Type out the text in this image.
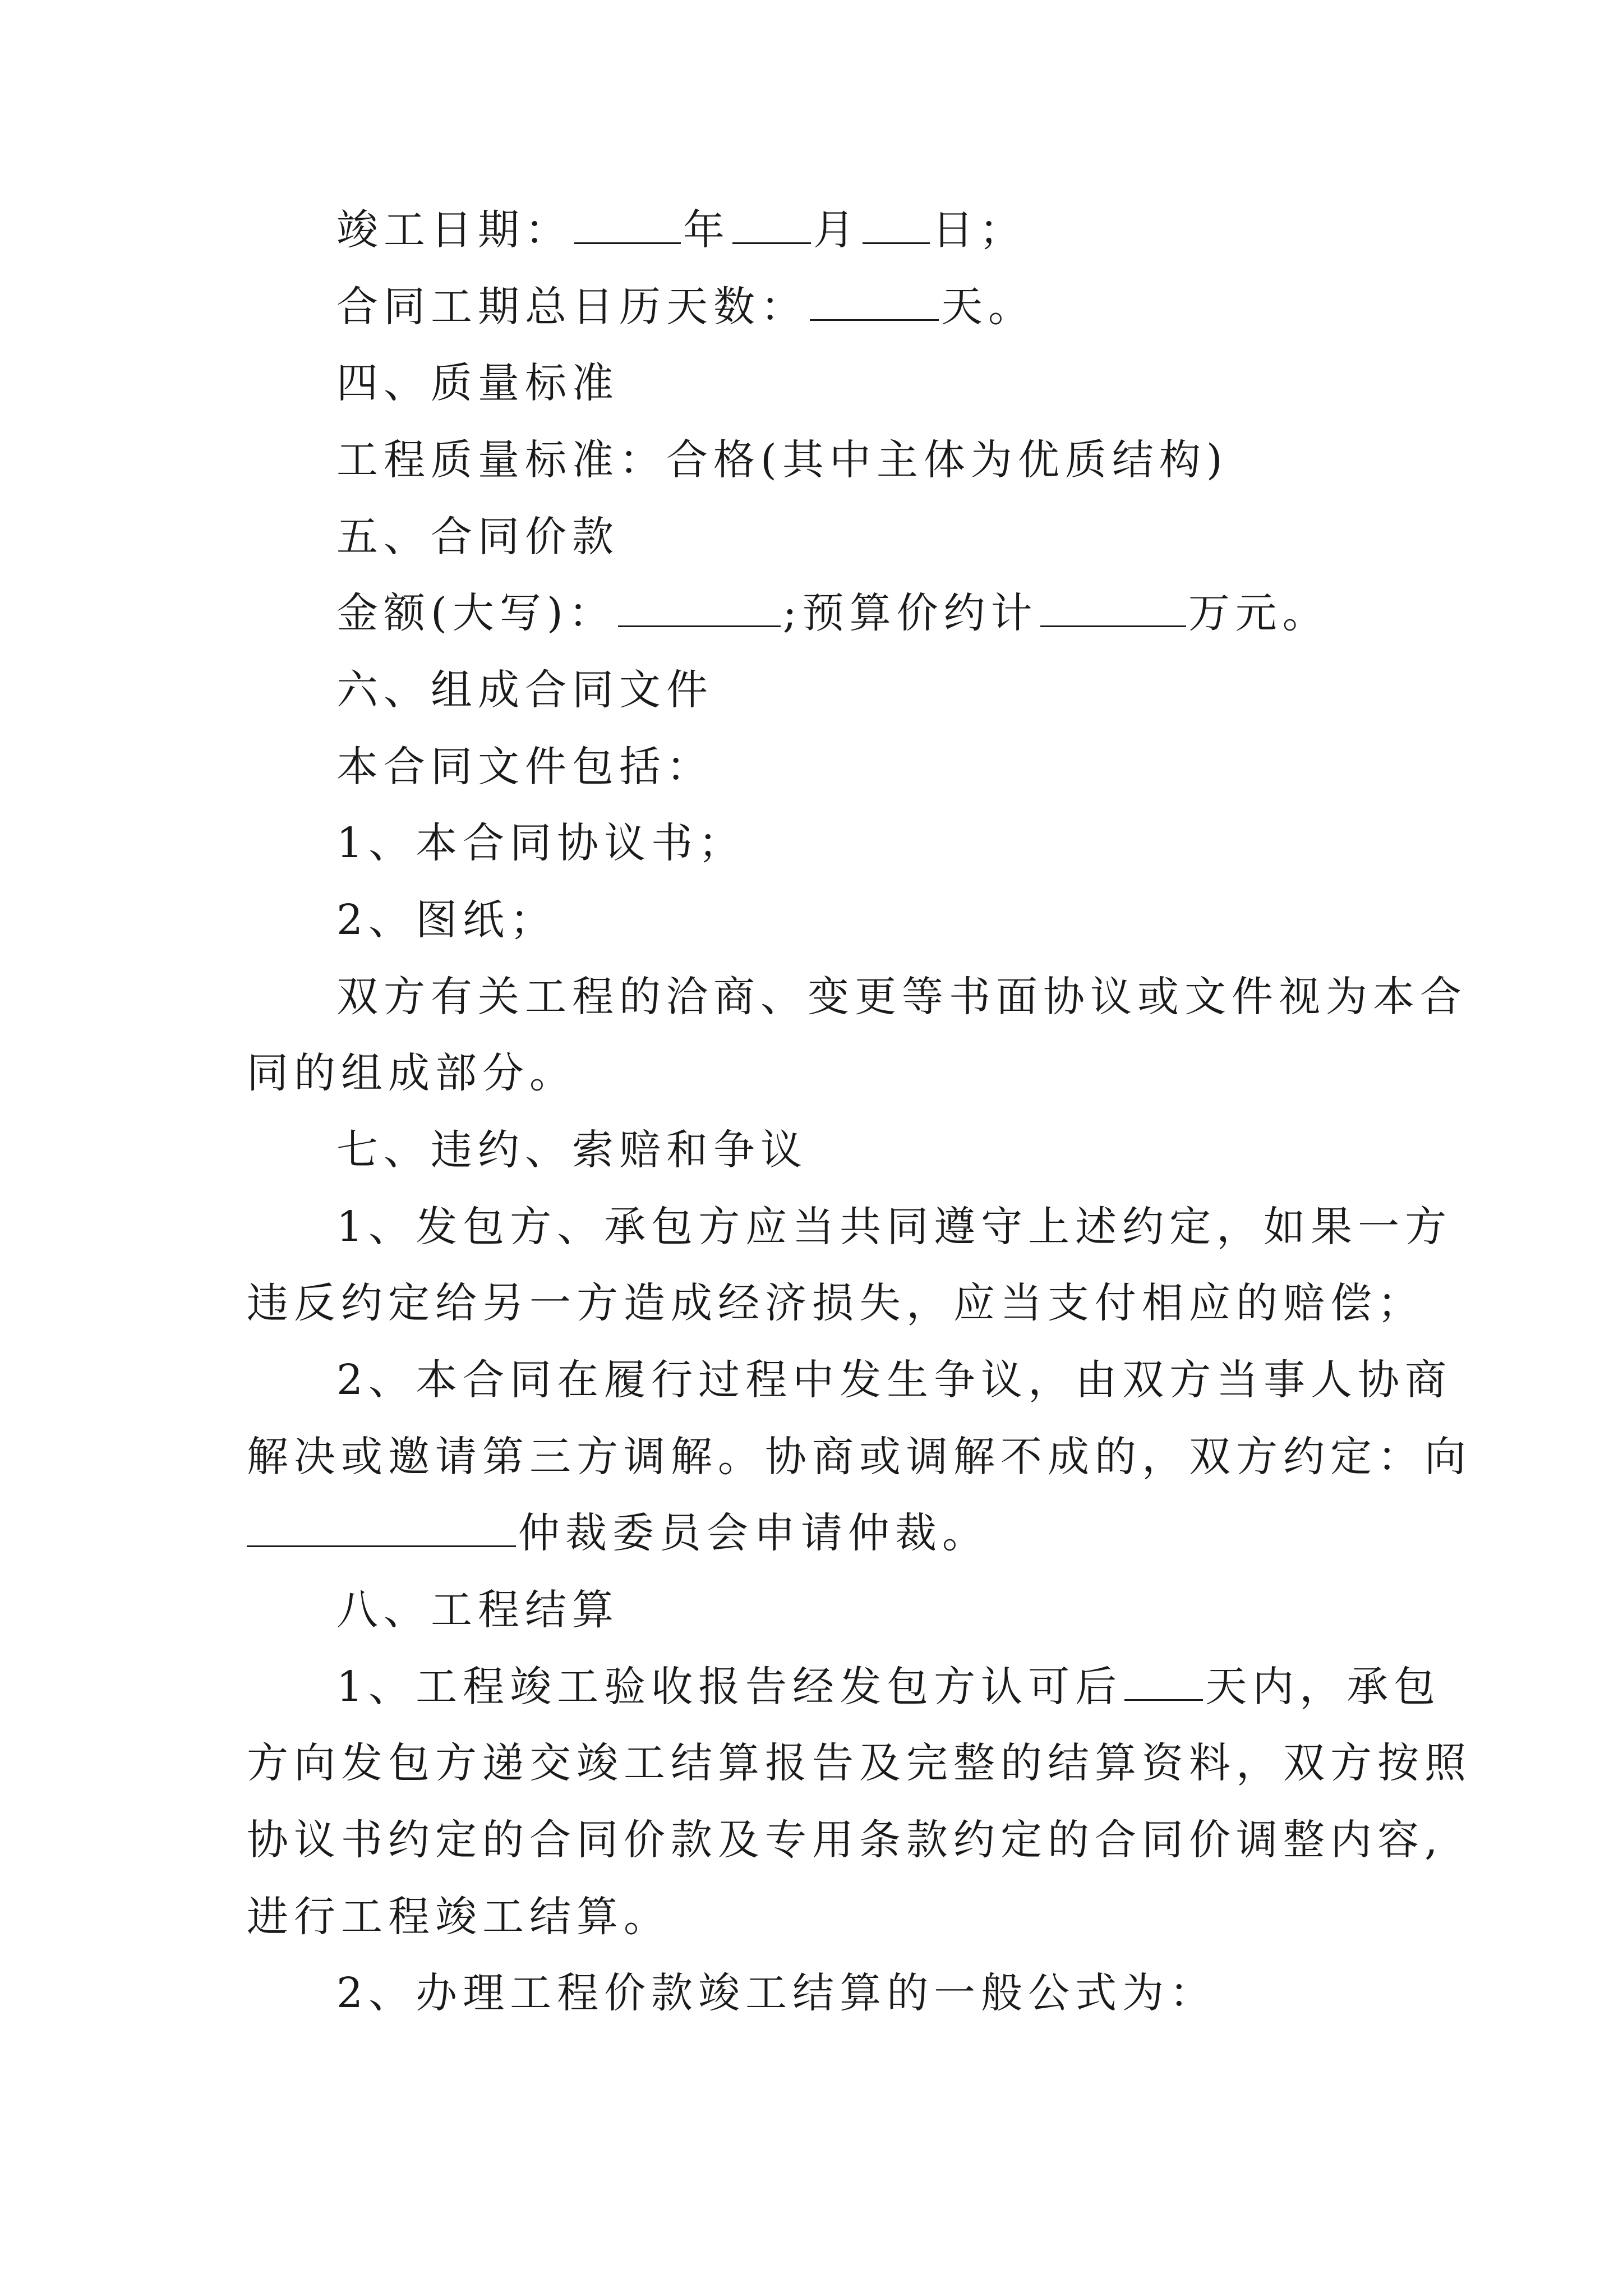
竣工日期：	年 月 日；
合同工期总日历天数：	天。
四、质量标准
工程质量标准：合格(其中主体为优质结构)
五、合同价款
金额(大写)：	;预算价约计	万元。
六、组成合同文件
本合同文件包括：
1、本合同协议书；
2、图纸；
双方有关工程的洽商、变更等书面协议或文件视为本合
同的组成部分。
七、违约、索赔和争议
1、发包方、承包方应当共同遵守上述约定，如果一方
违反约定给另一方造成经济损失，应当支付相应的赔偿；
2、本合同在履行过程中发生争议，由双方当事人协商
解决或邀请第三方调解。协商或调解不成的，双方约定：向
仲裁委员会申请仲裁。
八、工程结算
1、工程竣工验收报告经发包方认可后 天内，承包
方向发包方递交竣工结算报告及完整的结算资料，双方按照
协议书约定的合同价款及专用条款约定的合同价调整内容,
进行工程竣工结算。
2、办理工程价款竣工结算的一般公式为：
